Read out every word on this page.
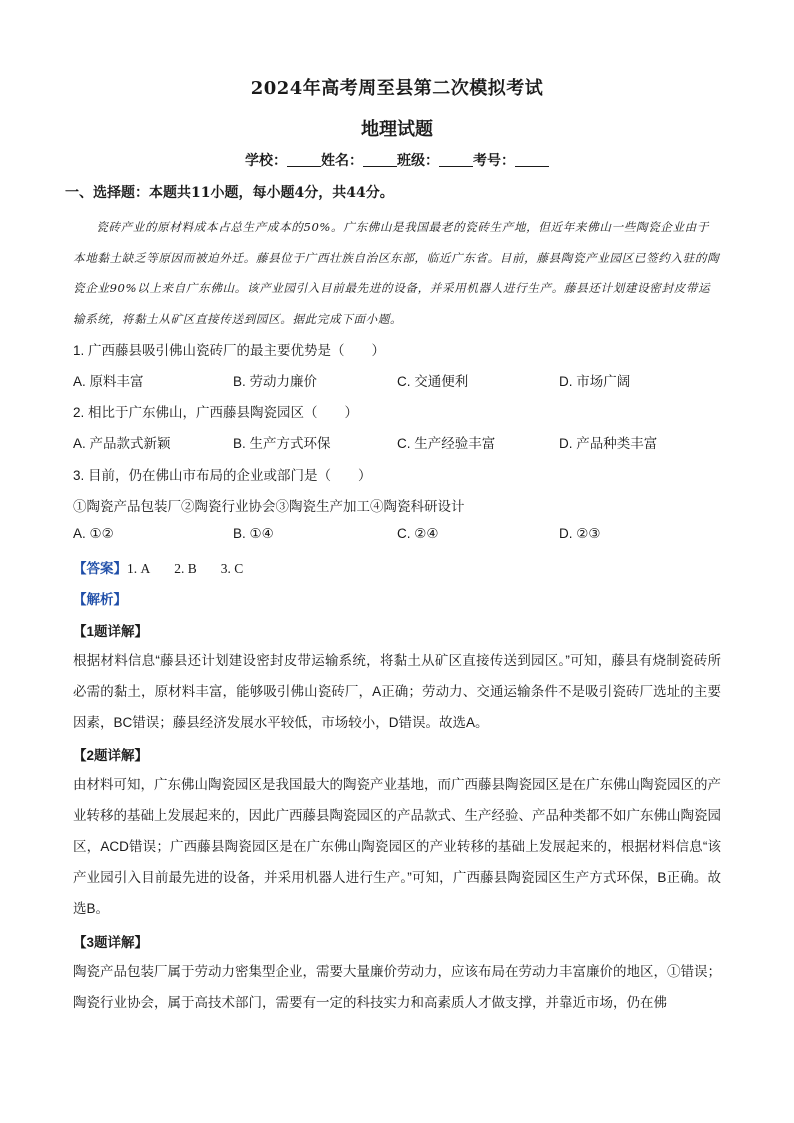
2024年高考周至县第二次模拟考试
地理试题
学校： 姓名： 班级： 考号：
一、选择题：本题共11小题，每小题4分，共44分。
瓷砖产业的原材料成本占总生产成本的50%。广东佛山是我国最老的瓷砖生产地，但近年来佛山一些陶瓷企业由于本地黏土缺乏等原因而被迫外迁。藤县位于广西壮族自治区东部，临近广东省。目前，藤县陶瓷产业园区已签约入驻的陶瓷企业90%以上来自广东佛山。该产业园引入目前最先进的设备，并采用机器人进行生产。藤县还计划建设密封皮带运输系统，将黏土从矿区直接传送到园区。据此完成下面小题。
1. 广西藤县吸引佛山瓷砖厂的最主要优势是（　　）
A. 原料丰富	B. 劳动力廉价	C. 交通便利	D. 市场广阔
2. 相比于广东佛山，广西藤县陶瓷园区（　　）
A. 产品款式新颖	B. 生产方式环保	C. 生产经验丰富	D. 产品种类丰富
3. 目前，仍在佛山市布局的企业或部门是（　　）
①陶瓷产品包装厂②陶瓷行业协会③陶瓷生产加工④陶瓷科研设计
A. ①②	B. ①④	C. ②④	D. ②③
【答案】1. A 2. B 3. C
【解析】
【1题详解】
根据材料信息“藤县还计划建设密封皮带运输系统，将黏土从矿区直接传送到园区。”可知，藤县有烧制瓷砖所必需的黏土，原材料丰富，能够吸引佛山瓷砖厂，A正确；劳动力、交通运输条件不是吸引瓷砖厂选址的主要因素，BC错误；藤县经济发展水平较低，市场较小，D错误。故选A。
【2题详解】
由材料可知，广东佛山陶瓷园区是我国最大的陶瓷产业基地，而广西藤县陶瓷园区是在广东佛山陶瓷园区的产业转移的基础上发展起来的，因此广西藤县陶瓷园区的产品款式、生产经验、产品种类都不如广东佛山陶瓷园区，ACD错误；广西藤县陶瓷园区是在广东佛山陶瓷园区的产业转移的基础上发展起来的，根据材料信息“该产业园引入目前最先进的设备，并采用机器人进行生产。”可知，广西藤县陶瓷园区生产方式环保，B正确。故选B。
【3题详解】
陶瓷产品包装厂属于劳动力密集型企业，需要大量廉价劳动力，应该布局在劳动力丰富廉价的地区，①错误；陶瓷行业协会，属于高技术部门，需要有一定的科技实力和高素质人才做支撑，并靠近市场，仍在佛
